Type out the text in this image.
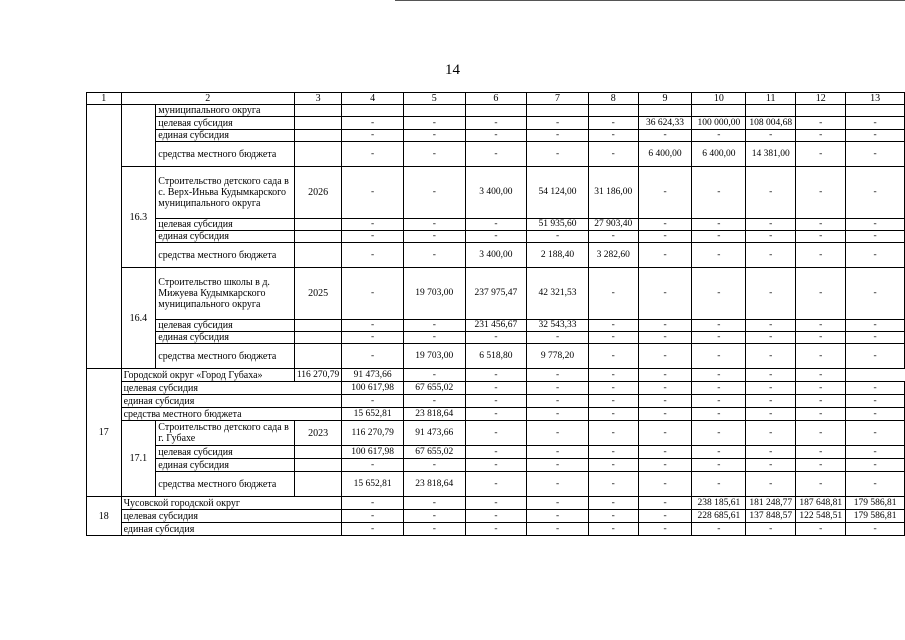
14
1	2		3	4	5	6	7	8	9	10	11	12	13
		муниципального округа											
		целевая субсидия		-	-	-	-	-	36 624,33	100 000,00	108 004,68	-	-
		единая субсидия		-	-	-	-	-	-	-	-	-	-
		средства местного бюджета		-	-	-	-	-	6 400,00	6 400,00	14 381,00	-	-
	16.3	Строительство детского сада в с. Верх-Иньва Кудымкарского муниципального округа	2026	-	-	3 400,00	54 124,00	31 186,00	-	-	-	-	-
		целевая субсидия		-	-	-	51 935,60	27 903,40	-	-	-	-	-
		единая субсидия		-	-	-	-	-	-	-	-	-	-
		средства местного бюджета		-	-	3 400,00	2 188,40	3 282,60	-	-	-	-	-
	16.4	Строительство школы в д. Мижуева Кудымкарского муниципального округа	2025	-	19 703,00	237 975,47	42 321,53	-	-	-	-	-	-
		целевая субсидия		-	-	231 456,67	32 543,33	-	-	-	-	-	-
		единая субсидия		-	-	-	-	-	-	-	-	-	-
		средства местного бюджета		-	19 703,00	6 518,80	9 778,20	-	-	-	-	-	-
17	Городской округ «Город Губаха»		116 270,79	91 473,66	-	-	-	-	-	-	-	-	
	целевая субсидия			100 617,98	67 655,02	-	-	-	-	-	-	-	-
	единая субсидия			-	-	-	-	-	-	-	-	-	-
	средства местного бюджета			15 652,81	23 818,64	-	-	-	-	-	-	-	-
	17.1	Строительство детского сада в г. Губахе	2023	116 270,79	91 473,66	-	-	-	-	-	-	-	-
		целевая субсидия		100 617,98	67 655,02	-	-	-	-	-	-	-	-
		единая субсидия		-	-	-	-	-	-	-	-	-	-
		средства местного бюджета		15 652,81	23 818,64	-	-	-	-	-	-	-	-
18	Чусовской городской округ			-	-	-	-	-	-	238 185,61	181 248,77	187 648,81	179 586,81
	целевая субсидия			-	-	-	-	-	-	228 685,61	137 848,57	122 548,51	179 586,81
	единая субсидия			-	-	-	-	-	-	-	-	-	-
